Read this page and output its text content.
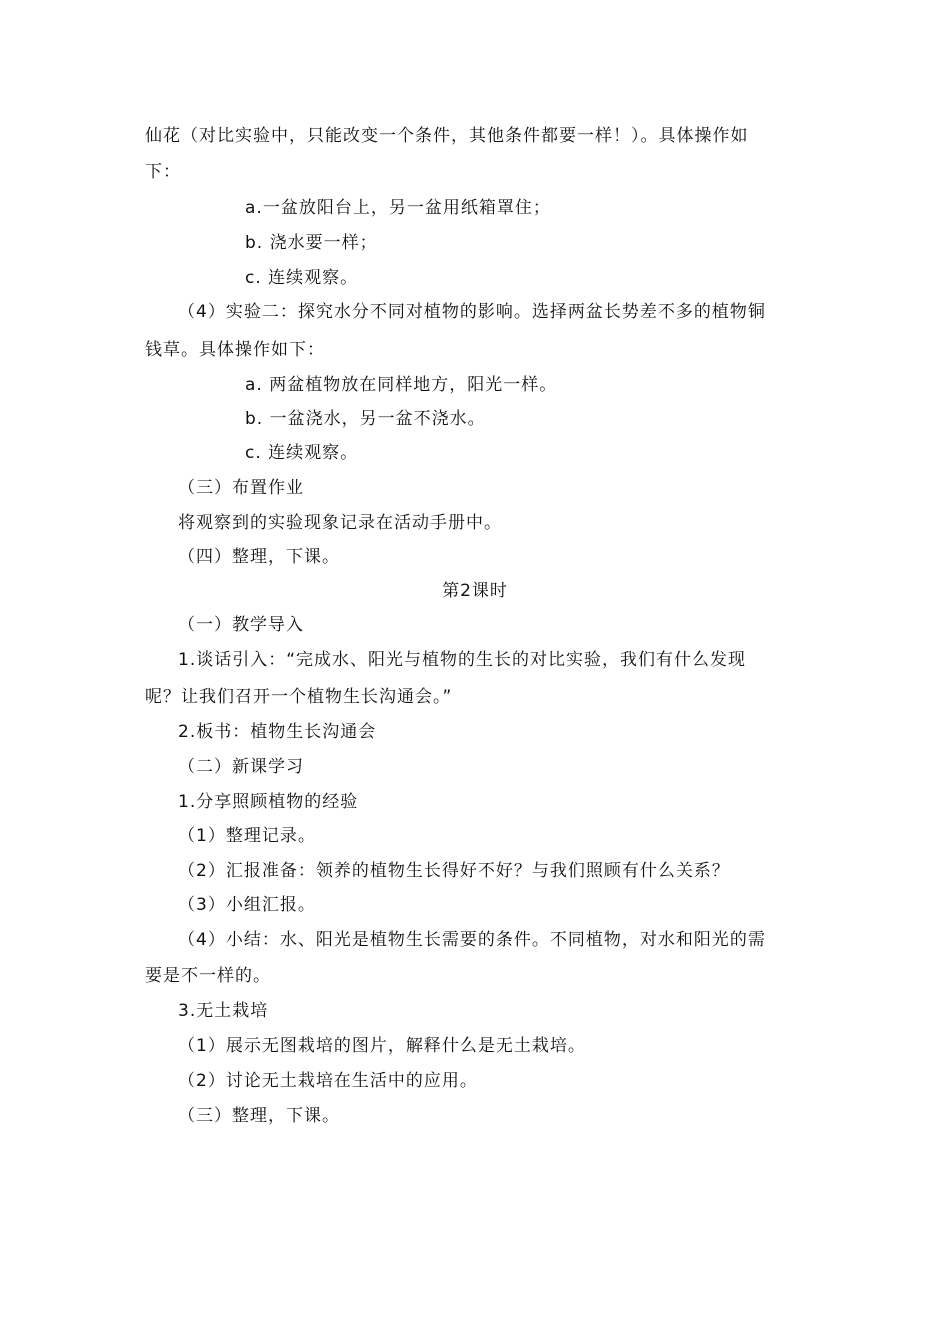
仙花（对比实验中，只能改变一个条件，其他条件都要一样！）。具体操作如
下：
a.一盆放阳台上，另一盆用纸箱罩住；
b. 浇水要一样；
c. 连续观察。
（4）实验二：探究水分不同对植物的影响。选择两盆长势差不多的植物铜
钱草。具体操作如下：
a. 两盆植物放在同样地方，阳光一样。
b. 一盆浇水，另一盆不浇水。
c. 连续观察。
（三）布置作业
将观察到的实验现象记录在活动手册中。
（四）整理，下课。
第2课时
（一）教学导入
1.谈话引入：“完成水、阳光与植物的生长的对比实验，我们有什么发现
呢？让我们召开一个植物生长沟通会。”
2.板书：植物生长沟通会
（二）新课学习
1.分享照顾植物的经验
（1）整理记录。
（2）汇报准备：领养的植物生长得好不好？与我们照顾有什么关系？
（3）小组汇报。
（4）小结：水、阳光是植物生长需要的条件。不同植物，对水和阳光的需
要是不一样的。
3.无土栽培
（1）展示无图栽培的图片，解释什么是无土栽培。
（2）讨论无土栽培在生活中的应用。
（三）整理，下课。
